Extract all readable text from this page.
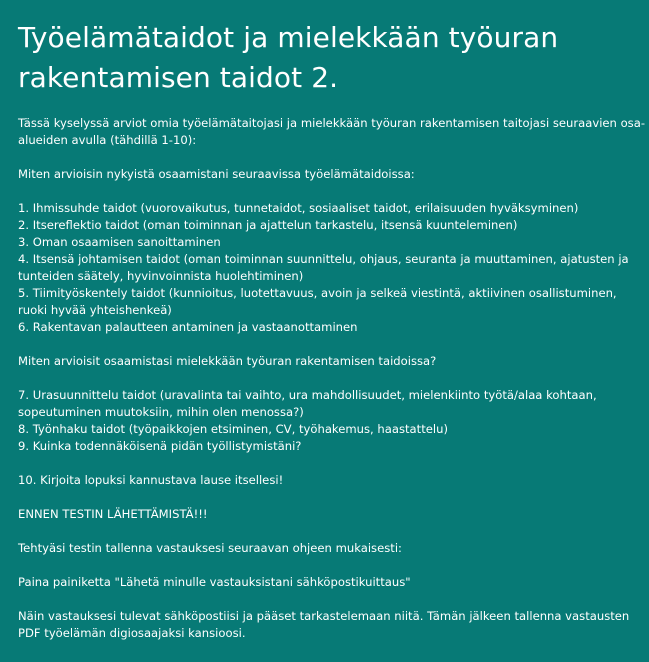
Työelämätaidot ja mielekkään työuran rakentamisen taidot 2.

Tässä kyselyssä arviot omia työelämätaitojasi ja mielekkään työuran rakentamisen taitojasi seuraavien osa-alueiden avulla (tähdillä 1-10):

Miten arvioisin nykyistä osaamistani seuraavissa työelämätaidoissa:

1. Ihmissuhde taidot (vuorovaikutus, tunnetaidot, sosiaaliset taidot, erilaisuuden hyväksyminen)
2. Itsereflektio taidot (oman toiminnan ja ajattelun tarkastelu, itsensä kuunteleminen)
3. Oman osaamisen sanoittaminen
4. Itsensä johtamisen taidot (oman toiminnan suunnittelu, ohjaus, seuranta ja muuttaminen, ajatusten ja tunteiden säätely, hyvinvoinnista huolehtiminen)
5. Tiimityöskentely taidot (kunnioitus, luotettavuus, avoin ja selkeä viestintä, aktiivinen osallistuminen, ruoki hyvää yhteishenkeä)
6. Rakentavan palautteen antaminen ja vastaanottaminen

Miten arvioisit osaamistasi mielekkään työuran rakentamisen taidoissa?

7. Urasuunnittelu taidot (uravalinta tai vaihto, ura mahdollisuudet, mielenkiinto työtä/alaa kohtaan, sopeutuminen muutoksiin, mihin olen menossa?)
8. Työnhaku taidot (työpaikkojen etsiminen, CV, työhakemus, haastattelu)
9. Kuinka todennäköisenä pidän työllistymistäni?

10. Kirjoita lopuksi kannustava lause itsellesi!

ENNEN TESTIN LÄHETTÄMISTÄ!!!

Tehtyäsi testin tallenna vastauksesi seuraavan ohjeen mukaisesti:

Paina painiketta "Lähetä minulle vastauksistani sähköpostikuittaus"

Näin vastauksesi tulevat sähköpostiisi ja pääset tarkastelemaan niitä. Tämän jälkeen tallenna vastausten PDF työelämän digiosaajaksi kansioosi.
